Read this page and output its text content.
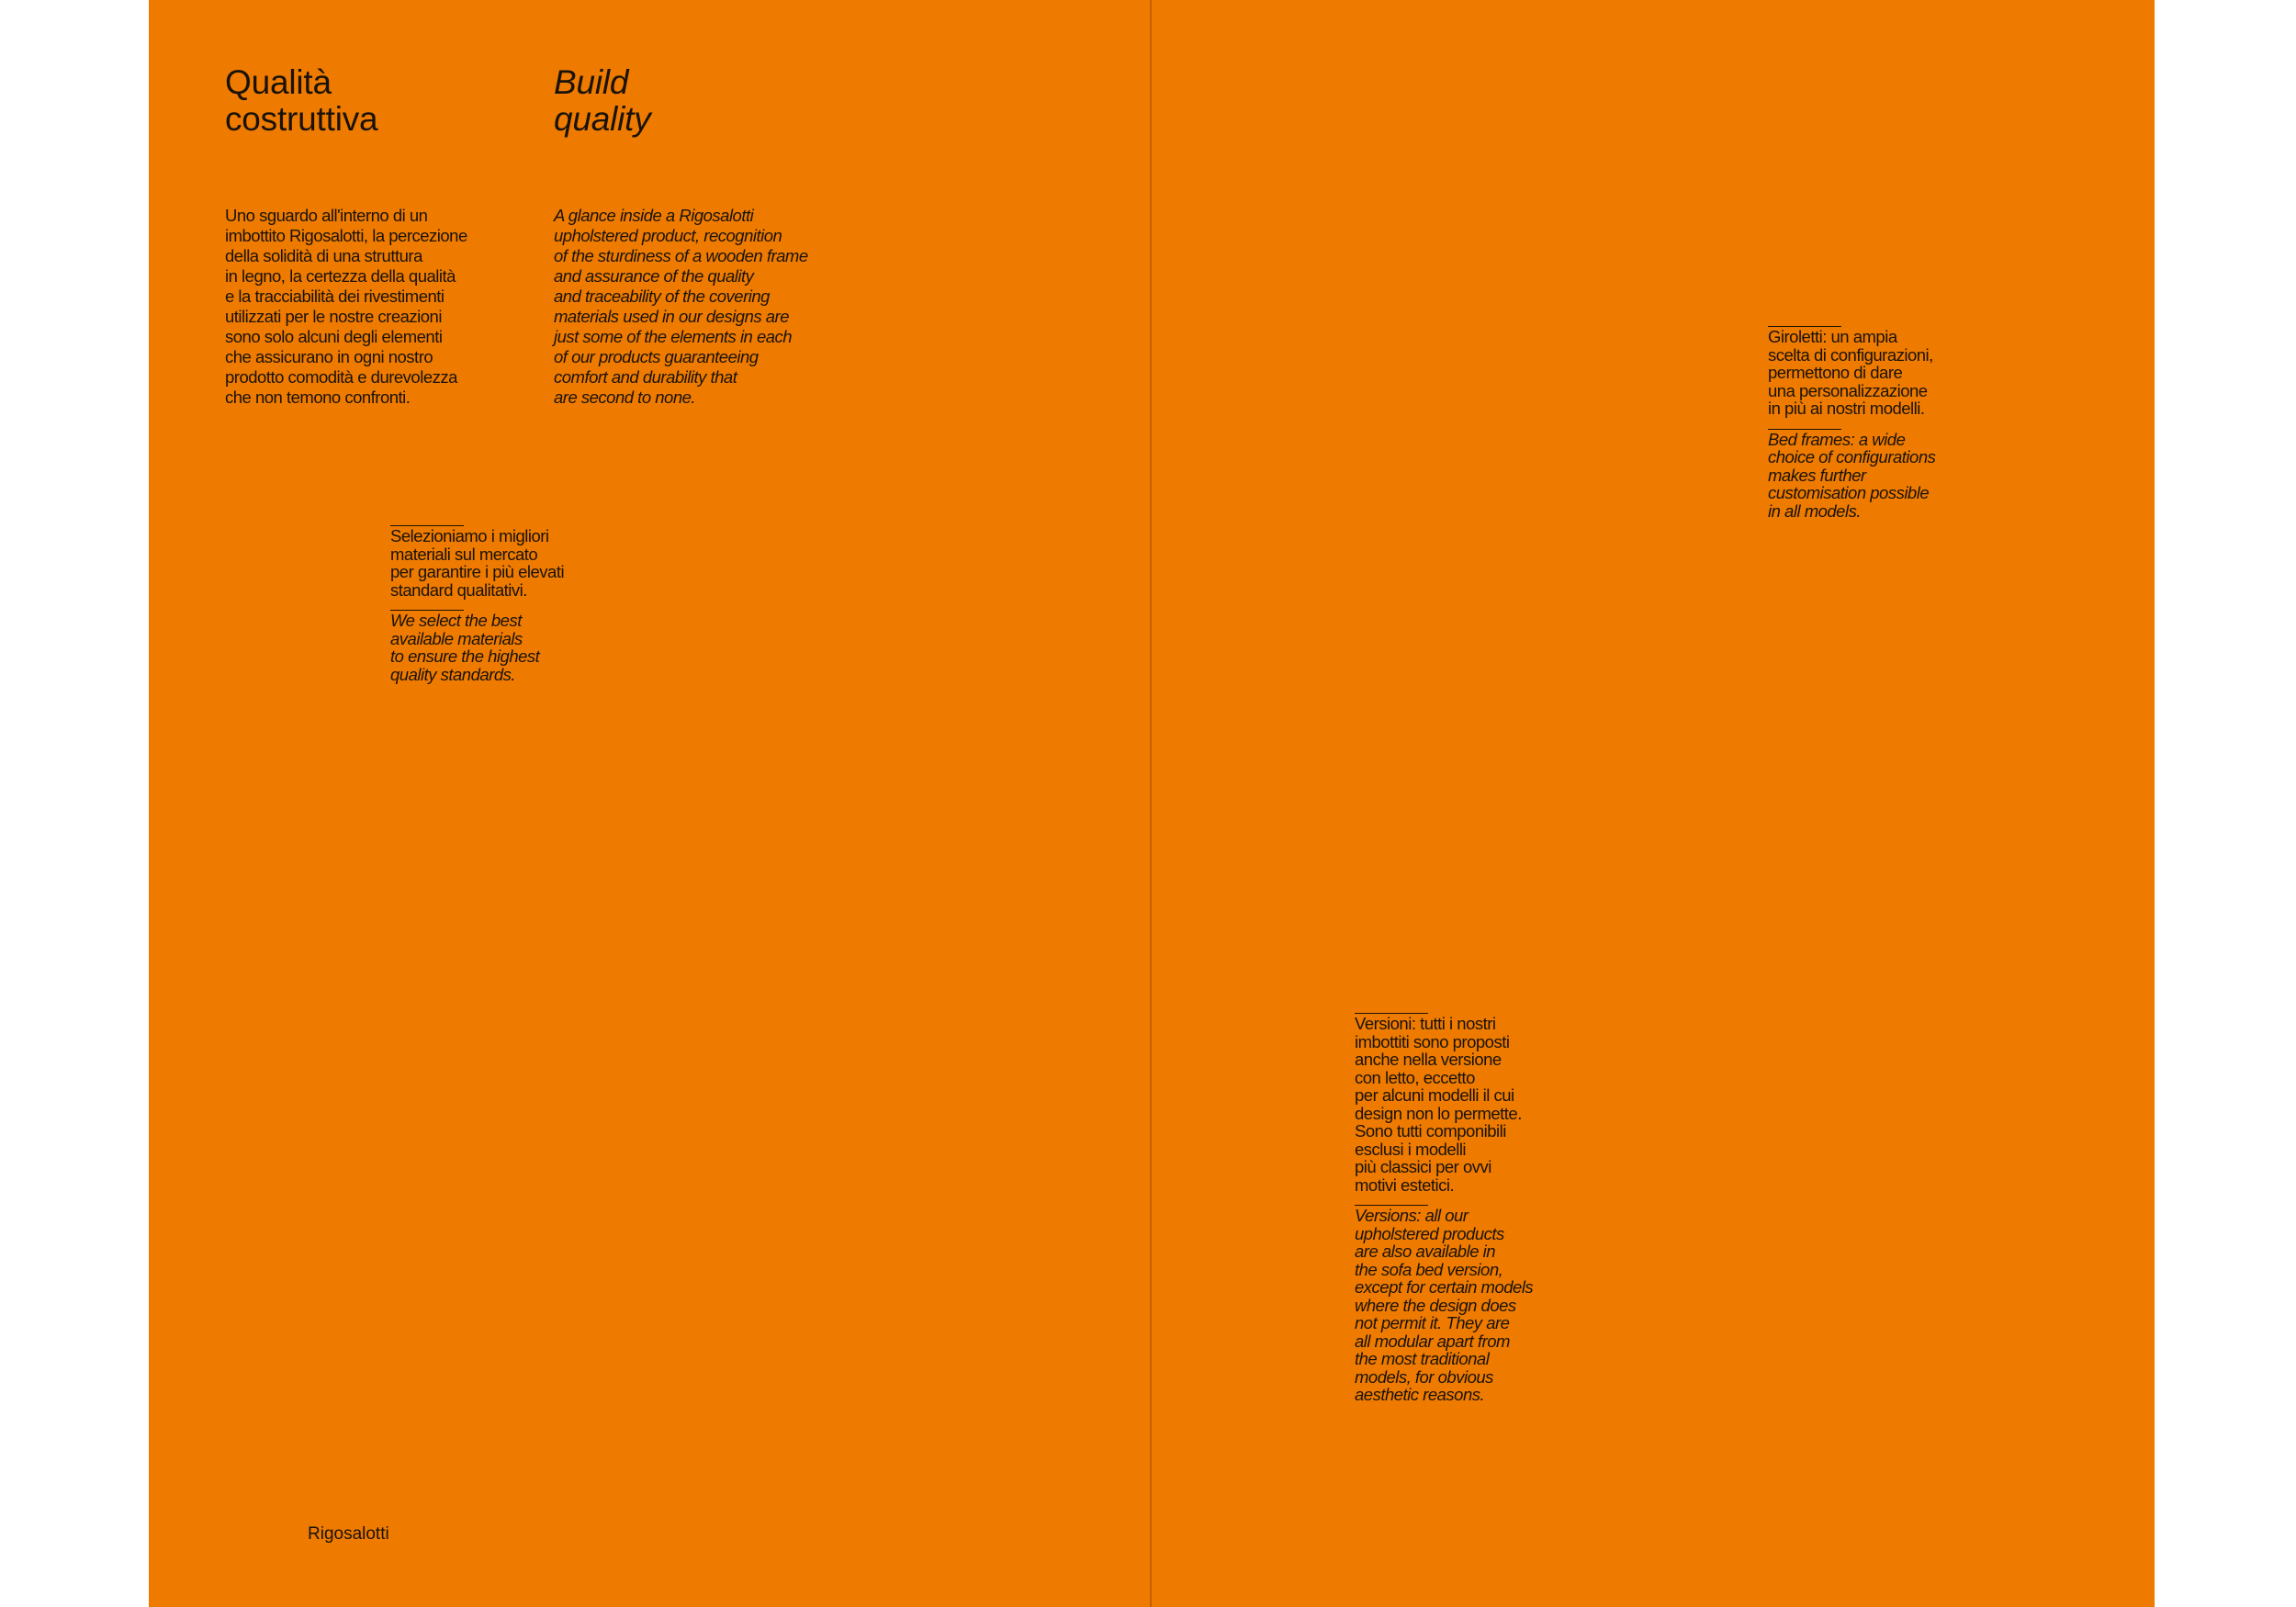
Qualità
costruttiva
Build
quality

Uno sguardo all'interno di un
imbottito Rigosalotti, la percezione
della solidità di una struttura
in legno, la certezza della qualità
e la tracciabilità dei rivestimenti
utilizzati per le nostre creazioni
sono solo alcuni degli elementi
che assicurano in ogni nostro
prodotto comodità e durevolezza
che non temono confronti.

A glance inside a Rigosalotti
upholstered product, recognition
of the sturdiness of a wooden frame
and assurance of the quality
and traceability of the covering
materials used in our designs are
just some of the elements in each
of our products guaranteeing
comfort and durability that
are second to none.

Selezioniamo i migliori
materiali sul mercato
per garantire i più elevati
standard qualitativi.

We select the best
available materials
to ensure the highest
quality standards.

Rigosalotti

Giroletti: un ampia
scelta di configurazioni,
permettono di dare
una personalizzazione
in più ai nostri modelli.

Bed frames: a wide
choice of configurations
makes further
customisation possible
in all models.

Versioni: tutti i nostri
imbottiti sono proposti
anche nella versione
con letto, eccetto
per alcuni modelli il cui
design non lo permette.
Sono tutti componibili
esclusi i modelli
più classici per ovvi
motivi estetici.

Versions: all our
upholstered products
are also available in
the sofa bed version,
except for certain models
where the design does
not permit it. They are
all modular apart from
the most traditional
models, for obvious
aesthetic reasons.
